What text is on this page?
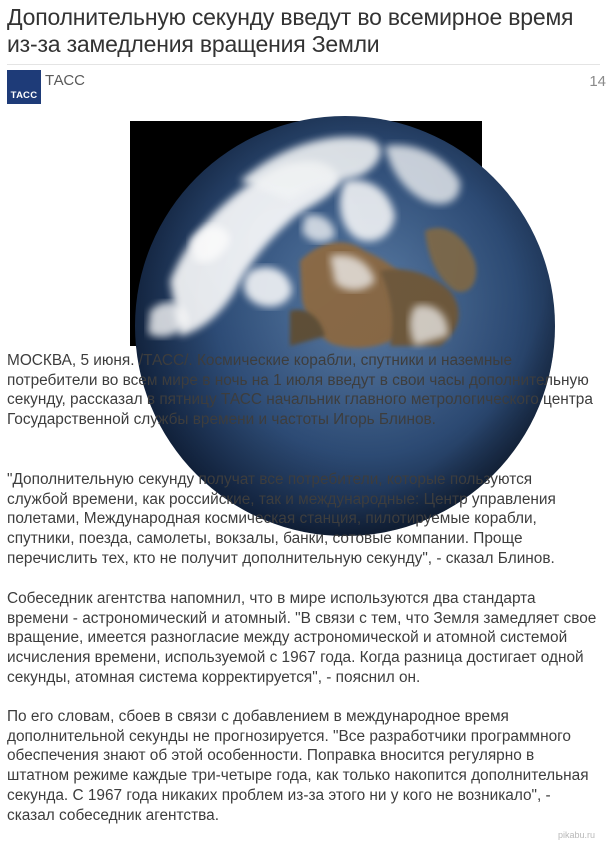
Дополнительную секунду введут во всемирное время из-за замедления вращения Земли
ТАСС
ТАСС	14

МОСКВА, 5 июня. /ТАСС/. Космические корабли, спутники и наземные потребители во всем мире в ночь на 1 июля введут в свои часы дополнительную секунду, рассказал в пятницу ТАСС начальник главного метрологического центра Государственной службы времени и частоты Игорь Блинов.

"Дополнительную секунду получат все потребители, которые пользуются службой времени, как российские, так и международные: Центр управления полетами, Международная космическая станция, пилотируемые корабли, спутники, поезда, самолеты, вокзалы, банки, сотовые компании. Проще перечислить тех, кто не получит дополнительную секунду", - сказал Блинов.

Собеседник агентства напомнил, что в мире используются два стандарта времени - астрономический и атомный. "В связи с тем, что Земля замедляет свое вращение, имеется разногласие между астрономической и атомной системой исчисления времени, используемой с 1967 года. Когда разница достигает одной секунды, атомная система корректируется", - пояснил он.

По его словам, сбоев в связи с добавлением в международное время дополнительной секунды не прогнозируется. "Все разработчики программного обеспечения знают об этой особенности. Поправка вносится регулярно в штатном режиме каждые три-четыре года, как только накопится дополнительная секунда. С 1967 года никаких проблем из-за этого ни у кого не возникало", - сказал собеседник агентства.

pikabu.ru
